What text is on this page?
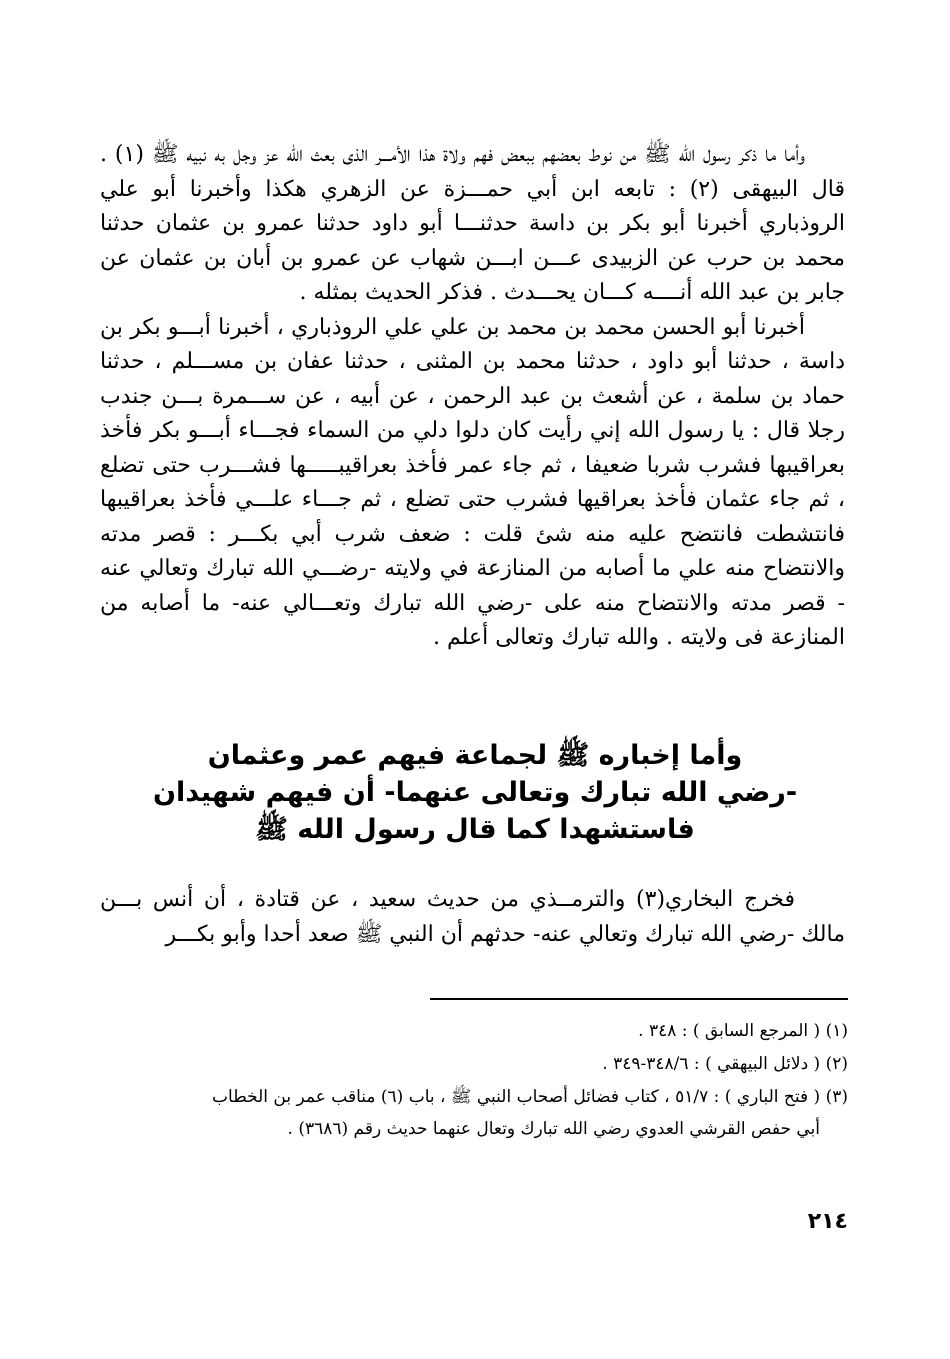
وأما ما ذكر رسول الله ﷺ من نوط بعضهم ببعض فهم ولاة هذا الأمـــر الذى بعث الله عز وجل به نبيه ﷺ (١) . قال البيهقى (٢) : تابعه ابن أبي حمـــزة عن الزهري هكذا وأخبرنا أبو علي الروذباري أخبرنا أبو بكر بن داسة حدثنـــا أبو داود حدثنا عمرو بن عثمان حدثنا محمد بن حرب عن الزبيدى عـــن ابـــن شهاب عن عمرو بن أبان بن عثمان عن جابر بن عبد الله أنــــه كـــان يحـــدث . فذكر الحديث بمثله .

أخبرنا أبو الحسن محمد بن محمد بن علي علي الروذباري ، أخبرنا أبـــو بكر بن داسة ، حدثنا أبو داود ، حدثنا محمد بن المثنى ، حدثنا عفان بن مســـلم ، حدثنا حماد بن سلمة ، عن أشعث بن عبد الرحمن ، عن أبيه ، عن ســـمرة بـــن جندب رجلا قال : يا رسول الله إني رأيت كان دلوا دلي من السماء فجـــاء أبـــو بكر فأخذ بعراقيبها فشرب شربا ضعيفا ، ثم جاء عمر فأخذ بعراقيبـــــها فشـــرب حتى تضلع ، ثم جاء عثمان فأخذ بعراقيها فشرب حتى تضلع ، ثم جـــاء علـــي فأخذ بعراقيبها فانتشطت فانتضح عليه منه شئ قلت : ضعف شرب أبي بكـــر : قصر مدته والانتضاح منه علي ما أصابه من المنازعة في ولايته -رضـــي الله تبارك وتعالي عنه - قصر مدته والانتضاح منه على -رضي الله تبارك وتعـــالي عنه- ما أصابه من المنازعة فى ولايته . والله تبارك وتعالى أعلم .

وأما إخباره ﷺ لجماعة فيهم عمر وعثمان
-رضي الله تبارك وتعالى عنهما- أن فيهم شهيدان
فاستشهدا كما قال رسول الله ﷺ

فخرج البخاري(٣) والترمــذي من حديث سعيد ، عن قتادة ، أن أنس بـــن مالك -رضي الله تبارك وتعالي عنه- حدثهم أن النبي ﷺ صعد أحدا وأبو بكـــر

(١) ( المرجع السابق ) : ٣٤٨ .

(٢) ( دلائل البيهقي ) : ٣٤٨/٦-٣٤٩ .

(٣) ( فتح الباري ) : ٥١/٧ ، كتاب فضائل أصحاب النبي ﷺ ، باب (٦) مناقب عمر بن الخطاب

أبي حفص القرشي العدوي رضي الله تبارك وتعال عنهما حديث رقم (٣٦٨٦) .

٢١٤
